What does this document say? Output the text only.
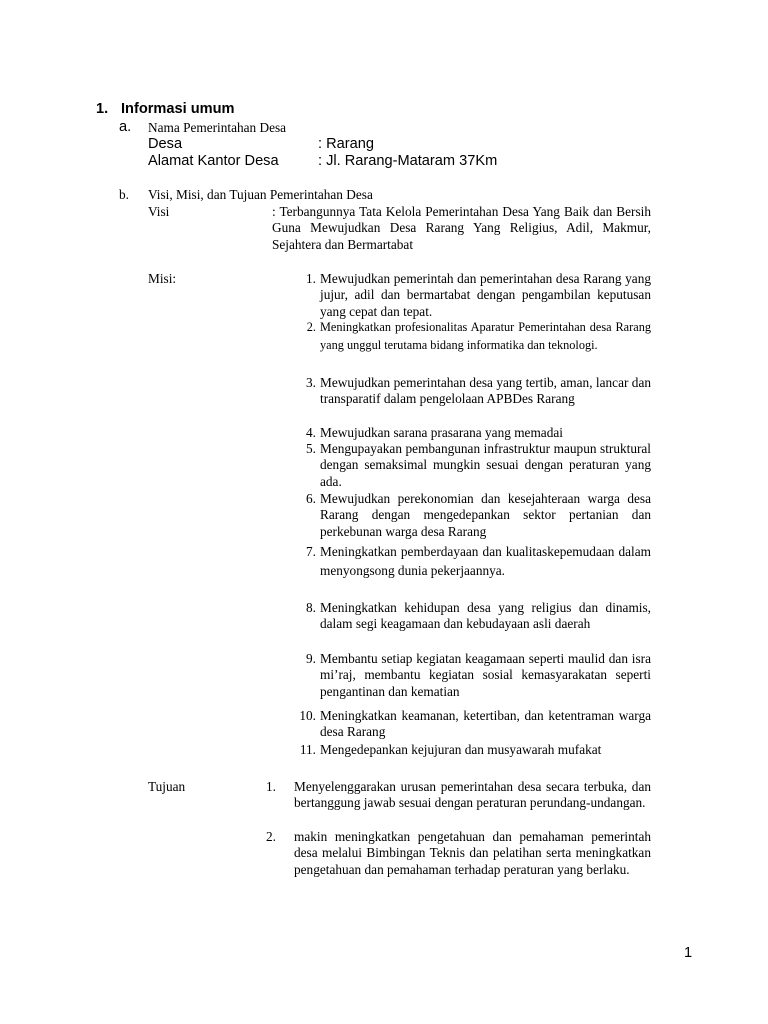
1. Informasi umum
a. Nama Pemerintahan Desa
Desa	: Rarang
Alamat Kantor Desa	: Jl. Rarang-Mataram 37Km
b. Visi, Misi, dan Tujuan Pemerintahan Desa
Visi	: Terbangunnya Tata Kelola Pemerintahan Desa Yang Baik dan Bersih Guna Mewujudkan Desa Rarang Yang Religius, Adil, Makmur, Sejahtera dan Bermartabat
Misi:	1. Mewujudkan pemerintah dan pemerintahan desa Rarang yang jujur, adil dan bermartabat dengan pengambilan keputusan yang cepat dan tepat.
2. Meningkatkan profesionalitas Aparatur Pemerintahan desa Rarang yang unggul terutama bidang informatika dan teknologi.
3. Mewujudkan pemerintahan desa yang tertib, aman, lancar dan transparatif dalam pengelolaan APBDes Rarang
4. Mewujudkan sarana prasarana yang memadai
5. Mengupayakan pembangunan infrastruktur maupun struktural dengan semaksimal mungkin sesuai dengan peraturan yang ada.
6. Mewujudkan perekonomian dan kesejahteraan warga desa Rarang dengan mengedepankan sektor pertanian dan perkebunan warga desa Rarang
7. Meningkatkan pemberdayaan dan kualitaskepemudaan dalam menyongsong dunia pekerjaannya.
8. Meningkatkan kehidupan desa yang religius dan dinamis, dalam segi keagamaan dan kebudayaan asli daerah
9. Membantu setiap kegiatan keagamaan seperti maulid dan isra mi’raj, membantu kegiatan sosial kemasyarakatan seperti pengantinan dan kematian
10. Meningkatkan keamanan, ketertiban, dan ketentraman warga desa Rarang
11. Mengedepankan kejujuran dan musyawarah mufakat
Tujuan	1. Menyelenggarakan urusan pemerintahan desa secara terbuka, dan bertanggung jawab sesuai dengan peraturan perundang-undangan.
2. makin meningkatkan pengetahuan dan pemahaman pemerintah desa melalui Bimbingan Teknis dan pelatihan serta meningkatkan pengetahuan dan pemahaman terhadap peraturan yang berlaku.
1
